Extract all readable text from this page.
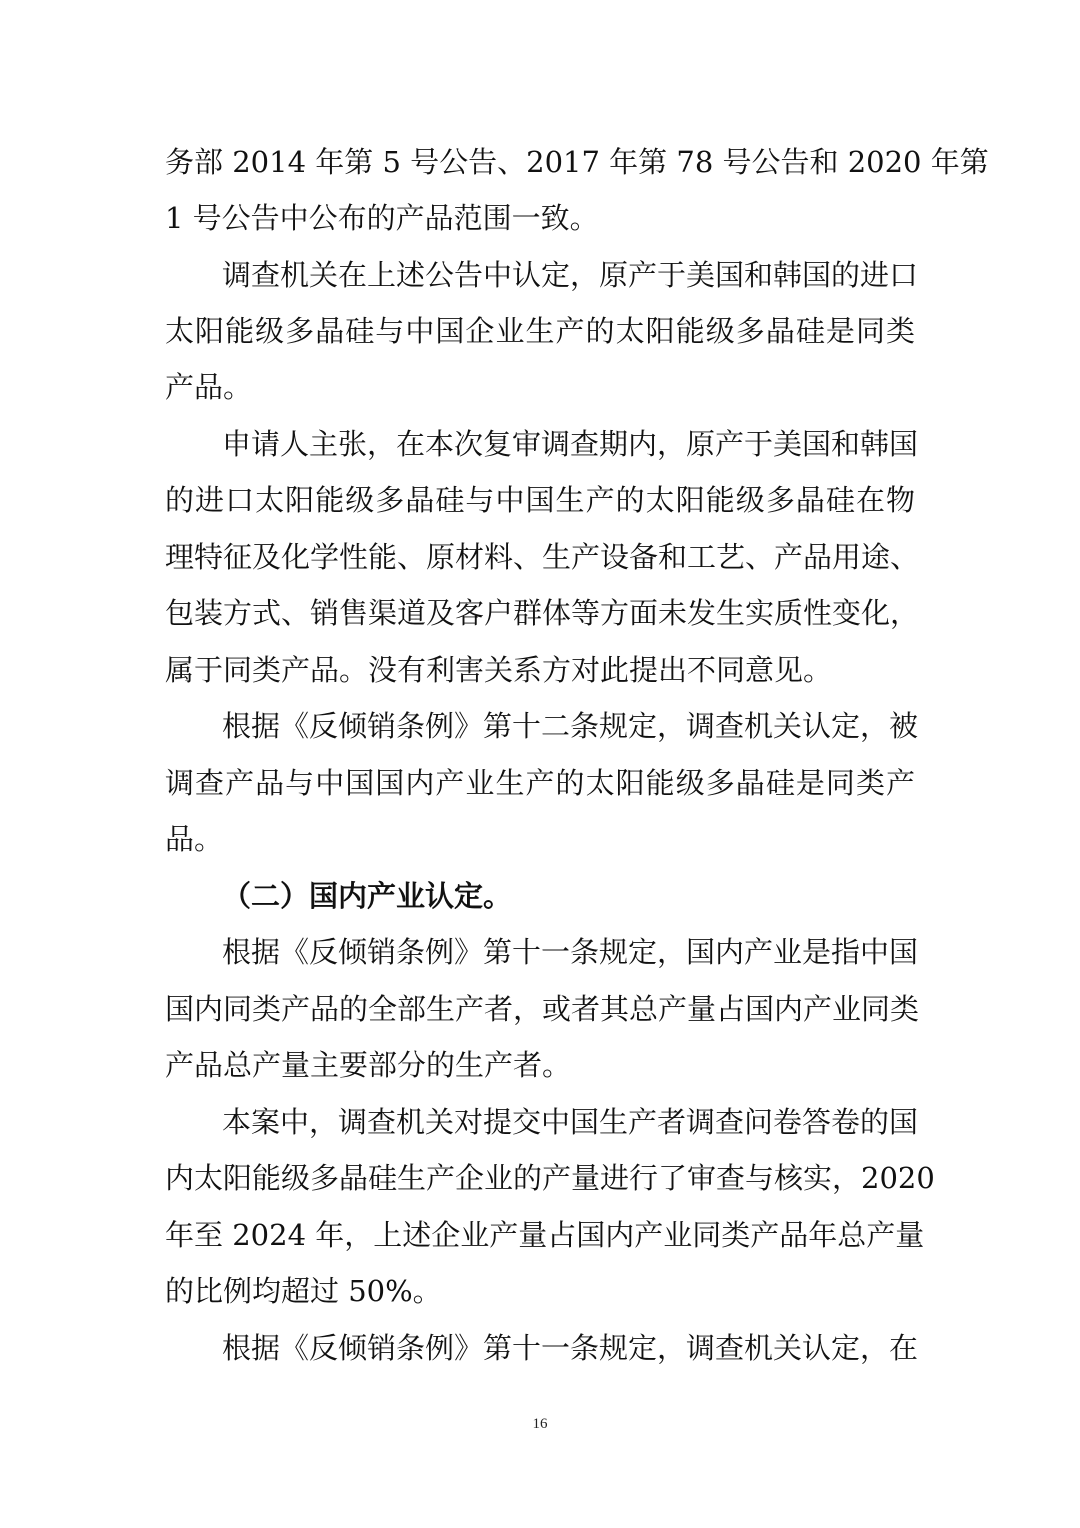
务部 2014 年第 5 号公告、2017 年第 78 号公告和 2020 年第
1 号公告中公布的产品范围一致。
调查机关在上述公告中认定，原产于美国和韩国的进口
太阳能级多晶硅与中国企业生产的太阳能级多晶硅是同类
产品。
申请人主张，在本次复审调查期内，原产于美国和韩国
的进口太阳能级多晶硅与中国生产的太阳能级多晶硅在物
理特征及化学性能、原材料、生产设备和工艺、产品用途、
包装方式、销售渠道及客户群体等方面未发生实质性变化，
属于同类产品。没有利害关系方对此提出不同意见。
根据《反倾销条例》第十二条规定，调查机关认定，被
调查产品与中国国内产业生产的太阳能级多晶硅是同类产
品。
（二）国内产业认定。
根据《反倾销条例》第十一条规定，国内产业是指中国
国内同类产品的全部生产者，或者其总产量占国内产业同类
产品总产量主要部分的生产者。
本案中，调查机关对提交中国生产者调查问卷答卷的国
内太阳能级多晶硅生产企业的产量进行了审查与核实，2020
年至 2024 年，上述企业产量占国内产业同类产品年总产量
的比例均超过 50%。
根据《反倾销条例》第十一条规定，调查机关认定，在
16
